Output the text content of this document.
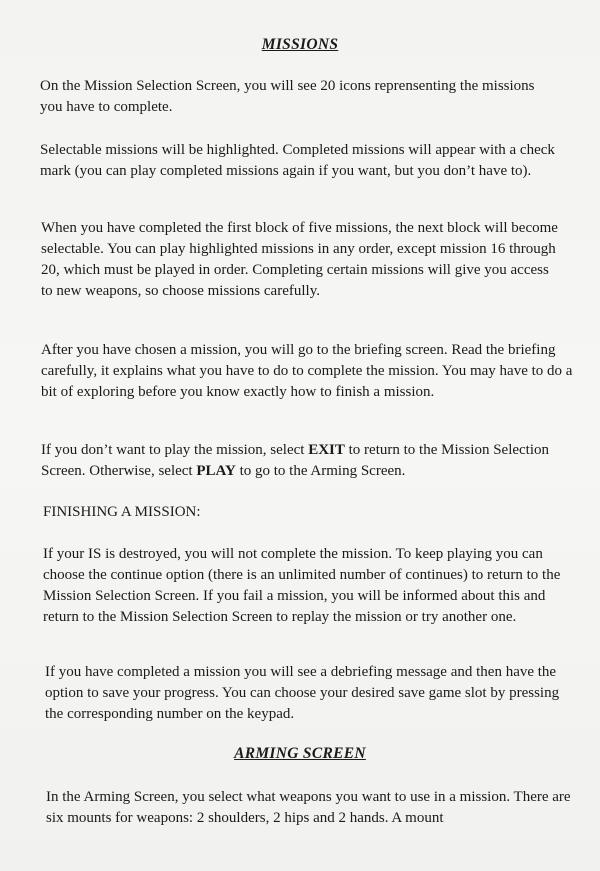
MISSIONS

On the Mission Selection Screen, you will see 20 icons reprensenting the missions you have to complete.

Selectable missions will be highlighted. Completed missions will appear with a check mark (you can play completed missions again if you want, but you don’t have to).

When you have completed the first block of five missions, the next block will become selectable. You can play highlighted missions in any order, except mission 16 through 20, which must be played in order. Completing certain missions will give you access to new weapons, so choose missions carefully.

After you have chosen a mission, you will go to the briefing screen. Read the briefing carefully, it explains what you have to do to complete the mission. You may have to do a bit of exploring before you know exactly how to finish a mission.

If you don’t want to play the mission, select EXIT to return to the Mission Selection Screen. Otherwise, select PLAY to go to the Arming Screen.

FINISHING A MISSION:

If your IS is destroyed, you will not complete the mission. To keep playing you can choose the continue option (there is an unlimited number of continues) to return to the Mission Selection Screen. If you fail a mission, you will be informed about this and return to the Mission Selection Screen to replay the mission or try another one.

If you have completed a mission you will see a debriefing message and then have the option to save your progress. You can choose your desired save game slot by pressing the corresponding number on the keypad.

ARMING SCREEN

In the Arming Screen, you select what weapons you want to use in a mission. There are six mounts for weapons: 2 shoulders, 2 hips and 2 hands. A mount
